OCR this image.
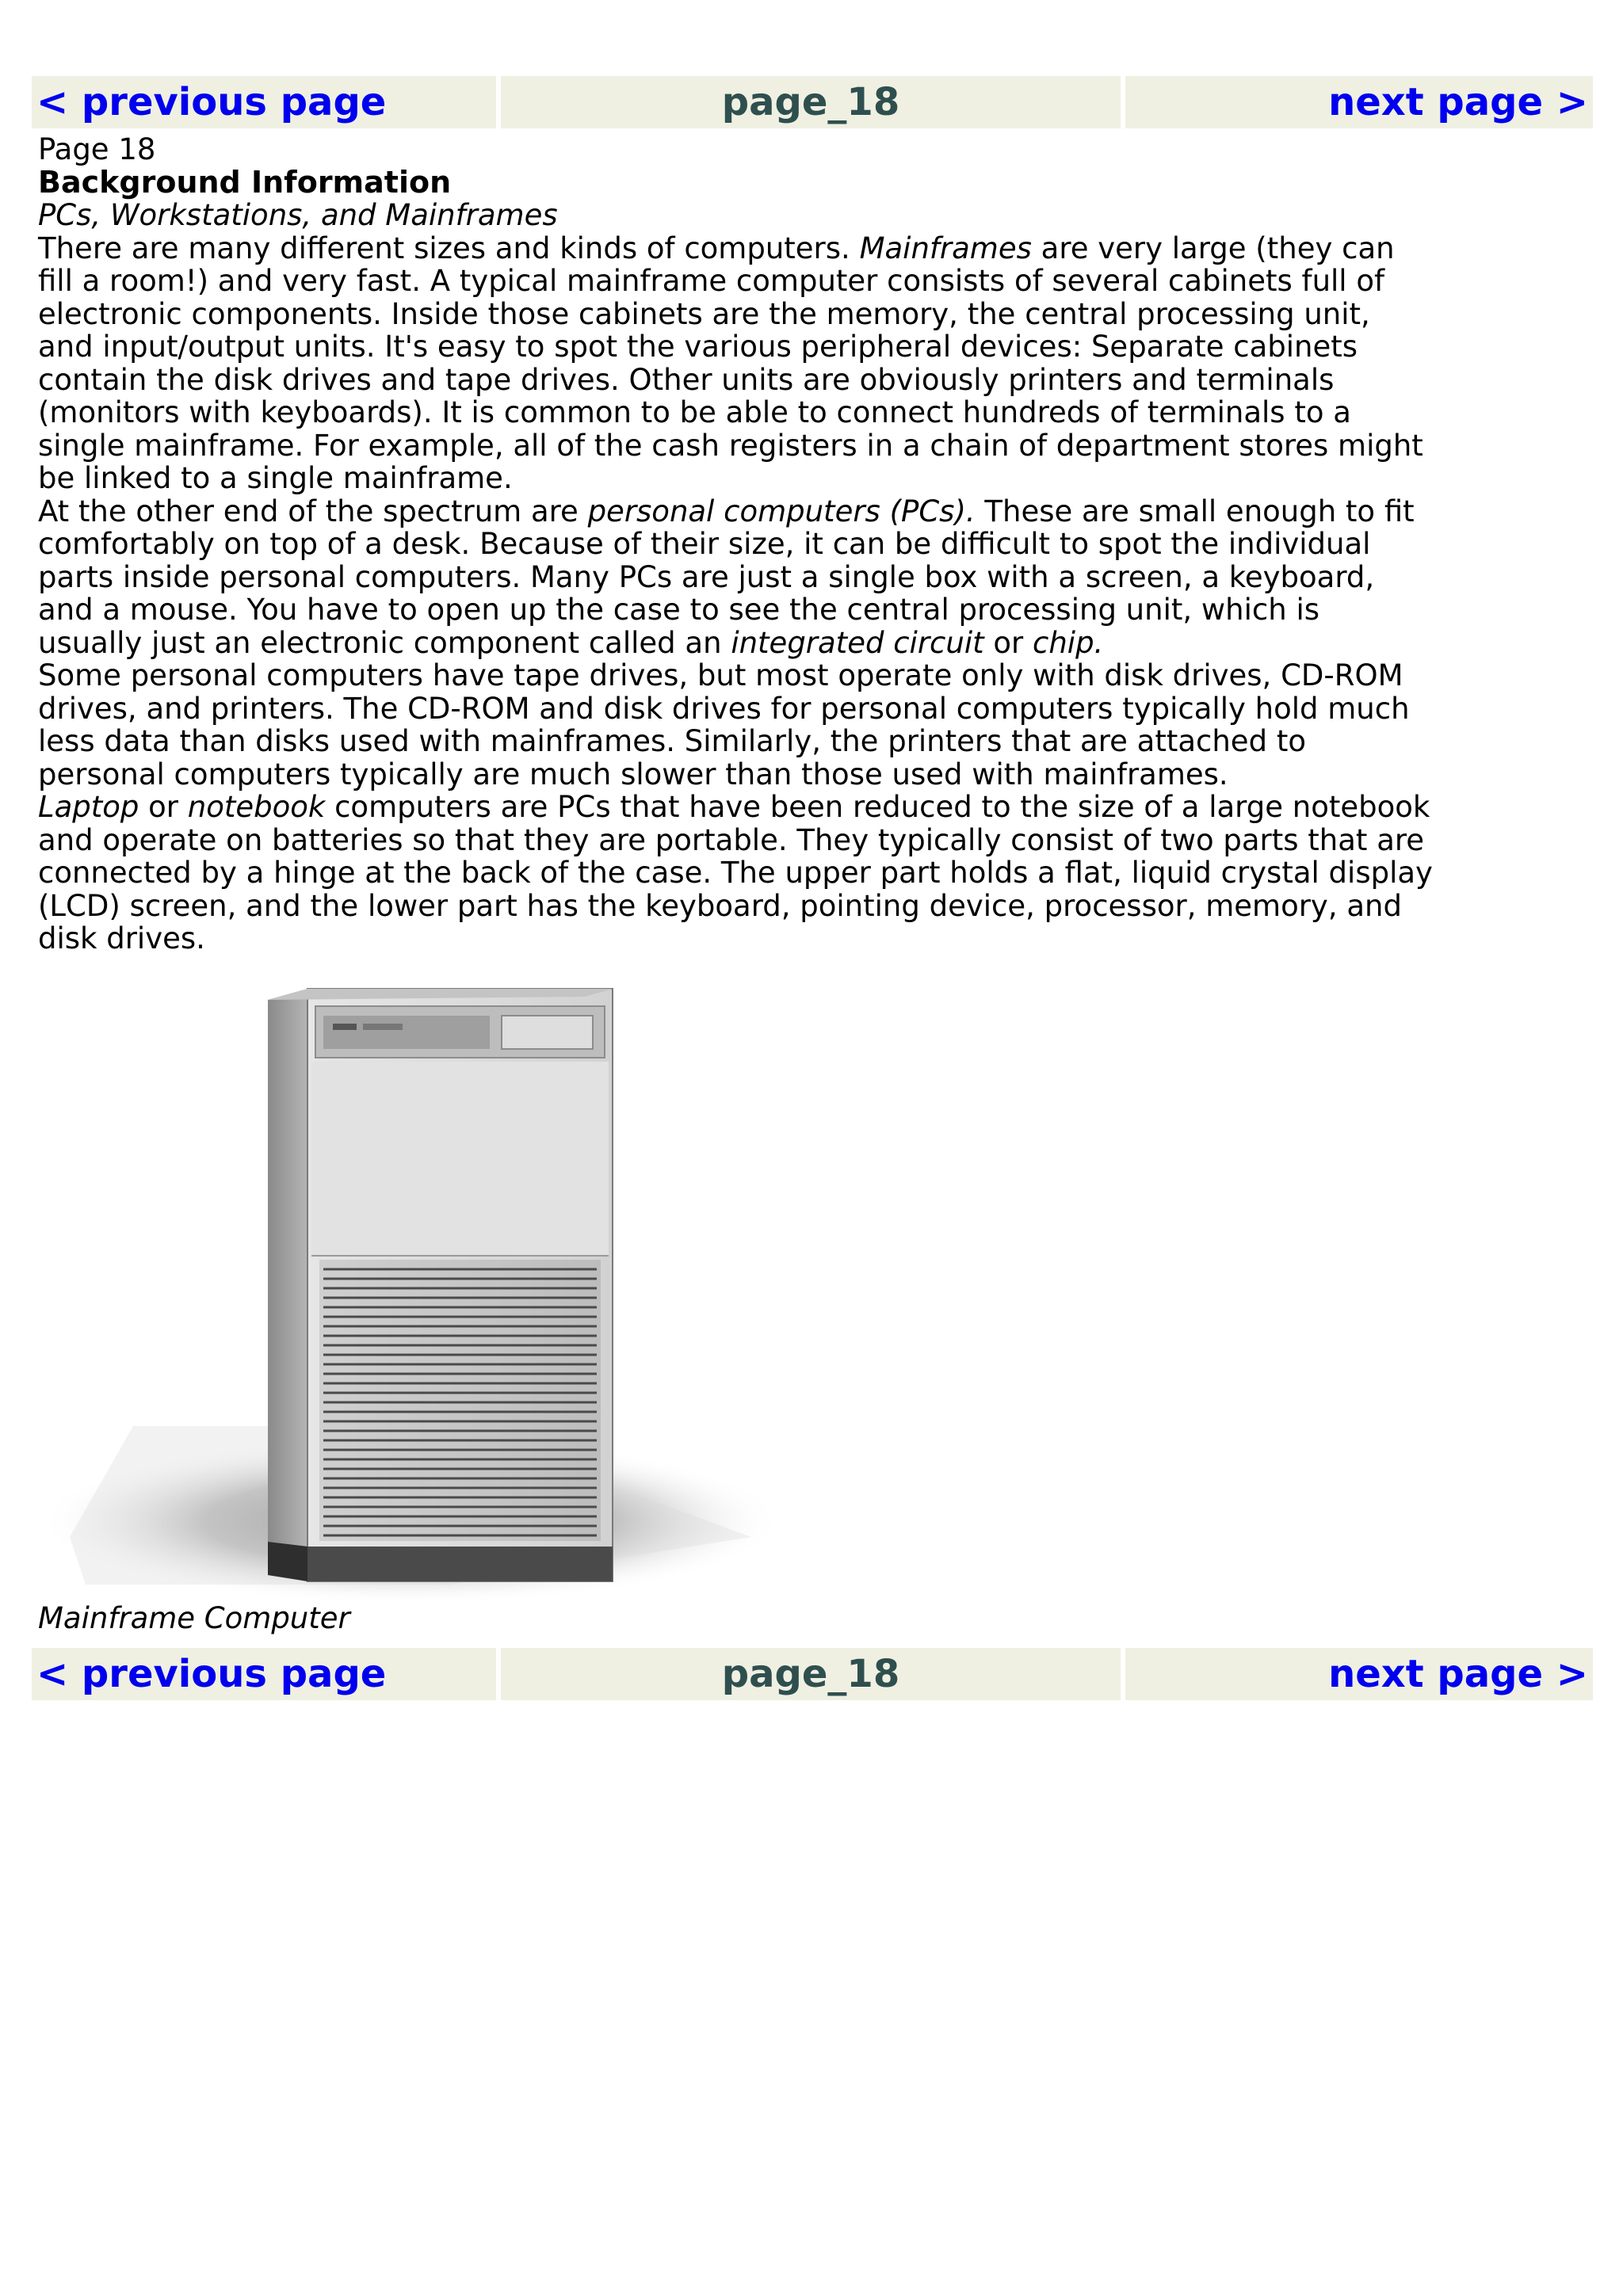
< previous page	page_18	next page >
Page 18
Background Information
PCs, Workstations, and Mainframes

There are many different sizes and kinds of computers. Mainframes are very large (they can fill a room!) and very fast. A typical mainframe computer consists of several cabinets full of electronic components. Inside those cabinets are the memory, the central processing unit, and input/output units. It's easy to spot the various peripheral devices: Separate cabinets contain the disk drives and tape drives. Other units are obviously printers and terminals (monitors with keyboards). It is common to be able to connect hundreds of terminals to a single mainframe. For example, all of the cash registers in a chain of department stores might be linked to a single mainframe.

At the other end of the spectrum are personal computers (PCs). These are small enough to fit comfortably on top of a desk. Because of their size, it can be difficult to spot the individual parts inside personal computers. Many PCs are just a single box with a screen, a keyboard, and a mouse. You have to open up the case to see the central processing unit, which is usually just an electronic component called an integrated circuit or chip.

Some personal computers have tape drives, but most operate only with disk drives, CD-ROM drives, and printers. The CD-ROM and disk drives for personal computers typically hold much less data than disks used with mainframes. Similarly, the printers that are attached to personal computers typically are much slower than those used with mainframes.

Laptop or notebook computers are PCs that have been reduced to the size of a large notebook and operate on batteries so that they are portable. They typically consist of two parts that are connected by a hinge at the back of the case. The upper part holds a flat, liquid crystal display (LCD) screen, and the lower part has the keyboard, pointing device, processor, memory, and disk drives.

Mainframe Computer
< previous page	page_18	next page >
